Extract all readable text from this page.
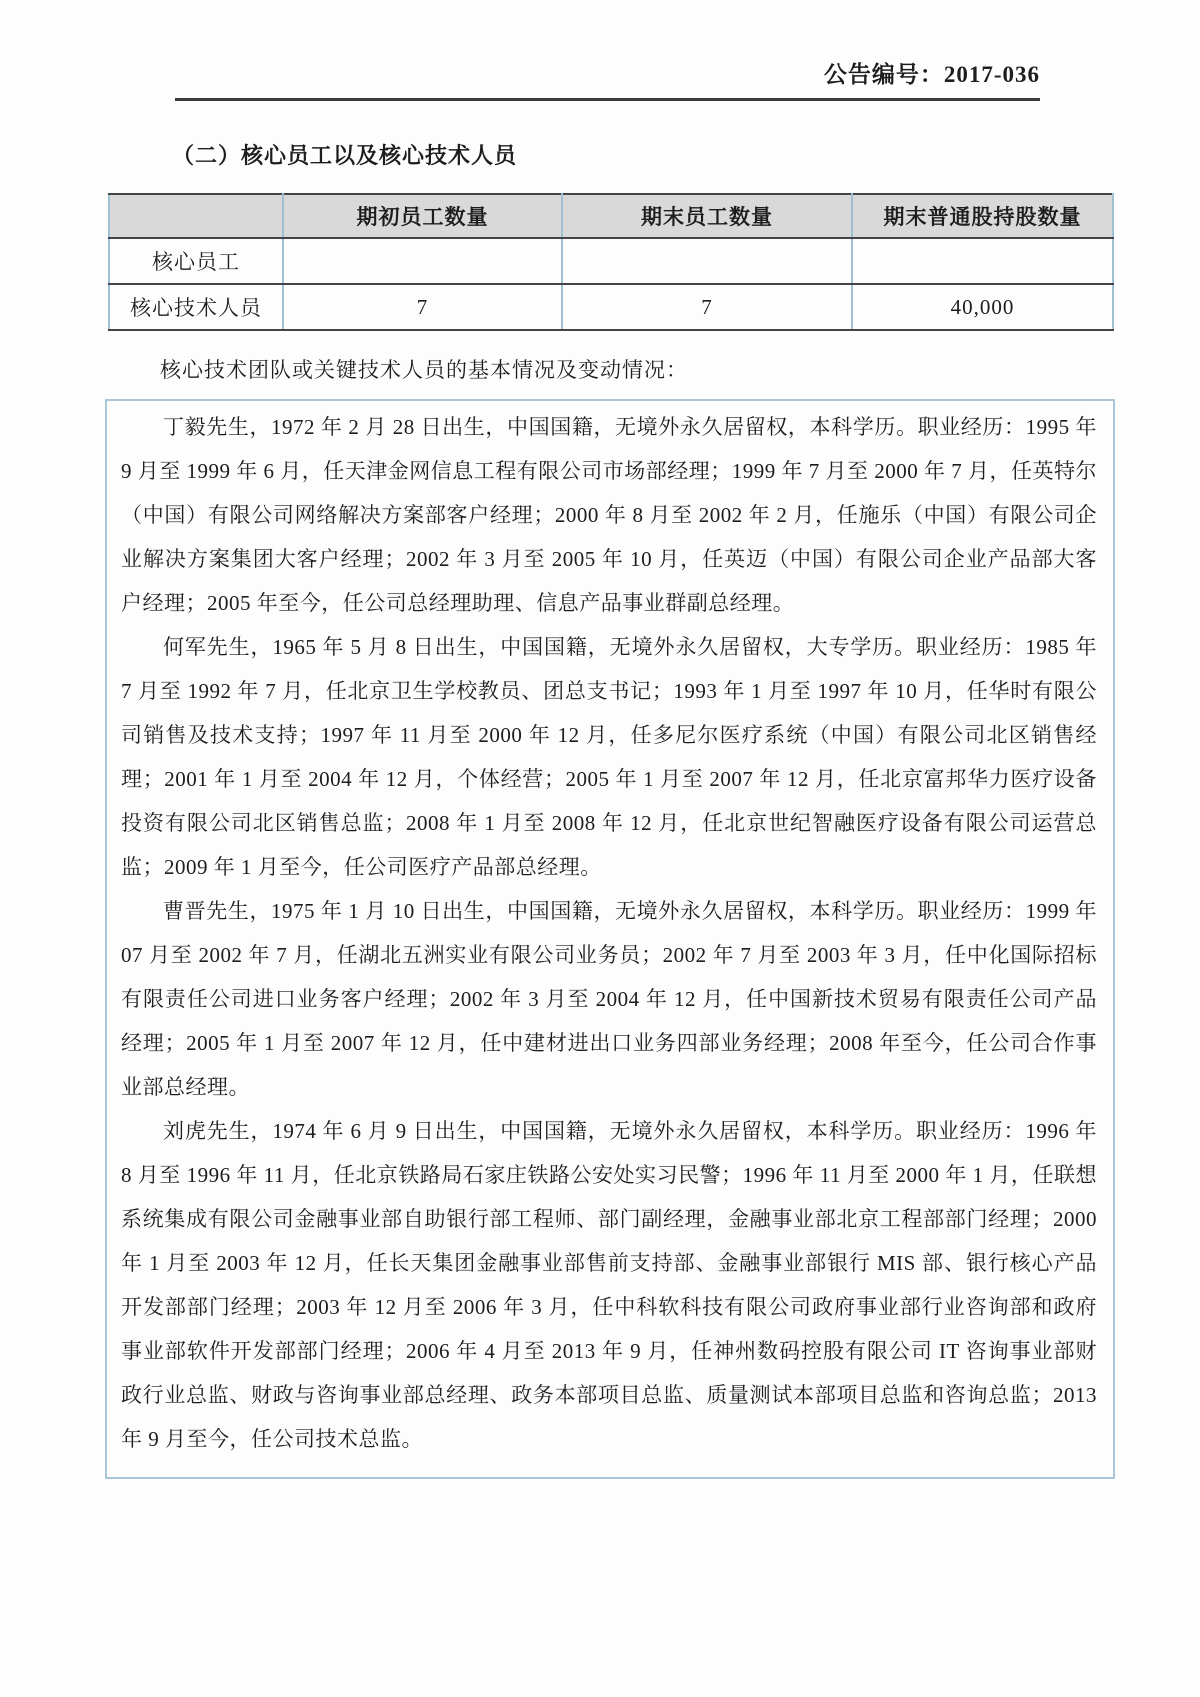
公告编号：2017-036
（二）核心员工以及核心技术人员
	期初员工数量	期末员工数量	期末普通股持股数量
核心员工			
核心技术人员	7	7	40,000
核心技术团队或关键技术人员的基本情况及变动情况：

丁毅先生，1972 年 2 月 28 日出生，中国国籍，无境外永久居留权，本科学历。职业经历：1995 年 9 月至 1999 年 6 月，任天津金网信息工程有限公司市场部经理；1999 年 7 月至 2000 年 7 月，任英特尔（中国）有限公司网络解决方案部客户经理；2000 年 8 月至 2002 年 2 月，任施乐（中国）有限公司企业解决方案集团大客户经理；2002 年 3 月至 2005 年 10 月，任英迈（中国）有限公司企业产品部大客户经理；2005 年至今，任公司总经理助理、信息产品事业群副总经理。

何军先生，1965 年 5 月 8 日出生，中国国籍，无境外永久居留权，大专学历。职业经历：1985 年 7 月至 1992 年 7 月，任北京卫生学校教员、团总支书记；1993 年 1 月至 1997 年 10 月，任华时有限公司销售及技术支持；1997 年 11 月至 2000 年 12 月，任多尼尔医疗系统（中国）有限公司北区销售经理；2001 年 1 月至 2004 年 12 月，个体经营；2005 年 1 月至 2007 年 12 月，任北京富邦华力医疗设备投资有限公司北区销售总监；2008 年 1 月至 2008 年 12 月，任北京世纪智融医疗设备有限公司运营总监；2009 年 1 月至今，任公司医疗产品部总经理。

曹晋先生，1975 年 1 月 10 日出生，中国国籍，无境外永久居留权，本科学历。职业经历：1999 年 07 月至 2002 年 7 月，任湖北五洲实业有限公司业务员；2002 年 7 月至 2003 年 3 月，任中化国际招标有限责任公司进口业务客户经理；2002 年 3 月至 2004 年 12 月，任中国新技术贸易有限责任公司产品经理；2005 年 1 月至 2007 年 12 月，任中建材进出口业务四部业务经理；2008 年至今，任公司合作事业部总经理。

刘虎先生，1974 年 6 月 9 日出生，中国国籍，无境外永久居留权，本科学历。职业经历：1996 年 8 月至 1996 年 11 月，任北京铁路局石家庄铁路公安处实习民警；1996 年 11 月至 2000 年 1 月，任联想系统集成有限公司金融事业部自助银行部工程师、部门副经理，金融事业部北京工程部部门经理；2000 年 1 月至 2003 年 12 月，任长天集团金融事业部售前支持部、金融事业部银行 MIS 部、银行核心产品开发部部门经理；2003 年 12 月至 2006 年 3 月，任中科软科技有限公司政府事业部行业咨询部和政府事业部软件开发部部门经理；2006 年 4 月至 2013 年 9 月，任神州数码控股有限公司 IT 咨询事业部财政行业总监、财政与咨询事业部总经理、政务本部项目总监、质量测试本部项目总监和咨询总监；2013 年 9 月至今，任公司技术总监。
